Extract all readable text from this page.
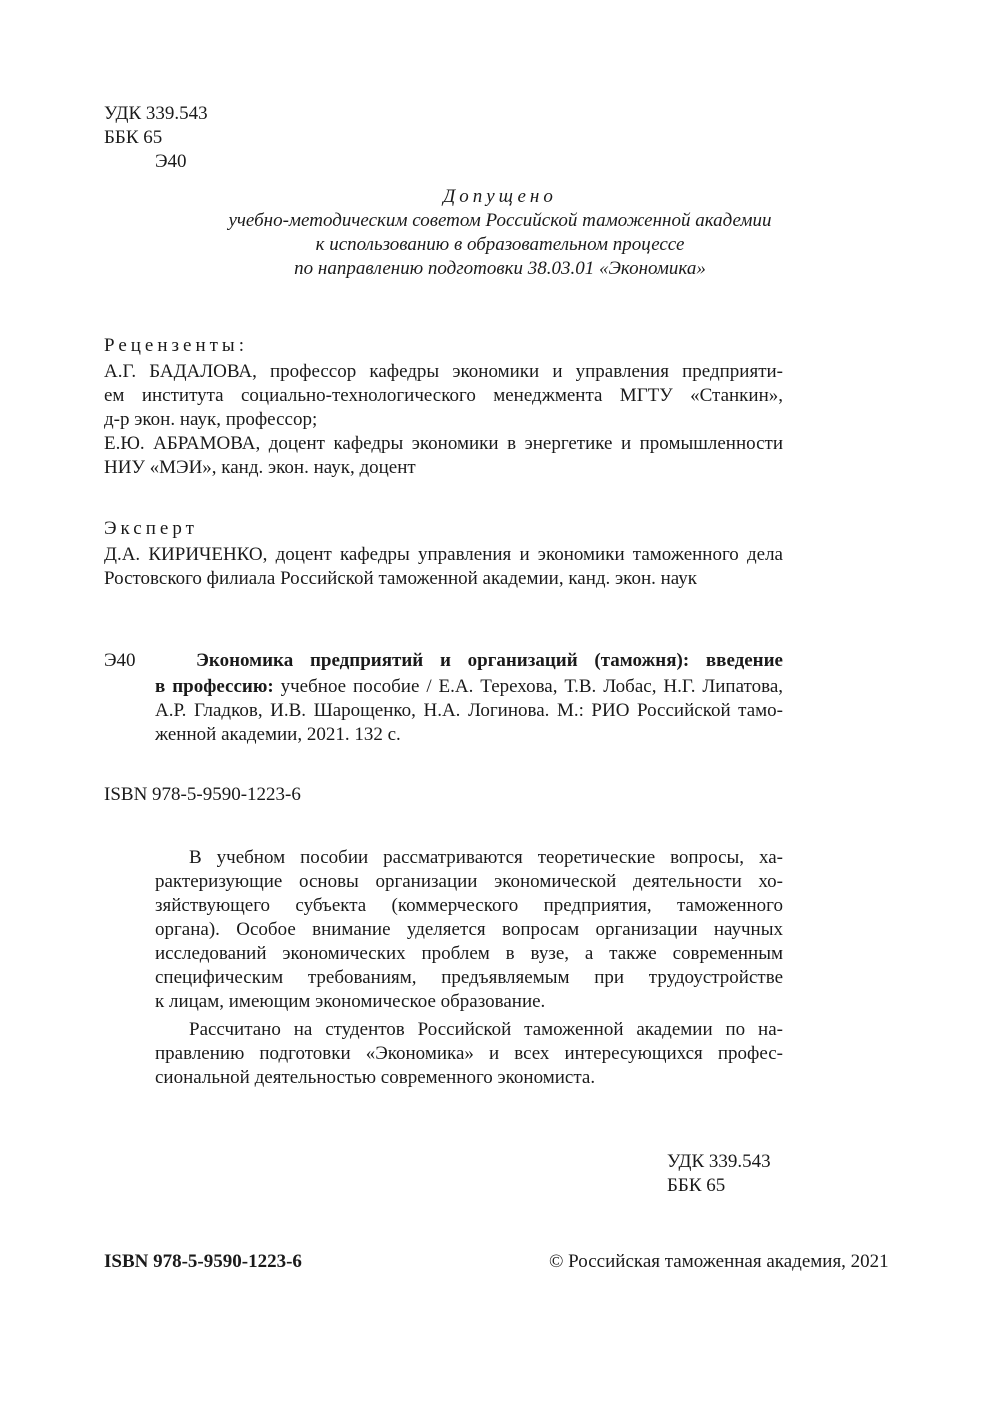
УДК 339.543
ББК 65
Э40
Допущено
учебно-методическим советом Российской таможенной академии
к использованию в образовательном процессе
по направлению подготовки 38.03.01 «Экономика»
Рецензенты:
А.Г. БАДАЛОВА, профессор кафедры экономики и управления предприяти-
ем института социально-технологического менеджмента МГТУ «Станкин»,
д-р экон. наук, профессор;
Е.Ю. АБРАМОВА, доцент кафедры экономики в энергетике и промышленности
НИУ «МЭИ», канд. экон. наук, доцент
Эксперт
Д.А. КИРИЧЕНКО, доцент кафедры управления и экономики таможенного дела
Ростовского филиала Российской таможенной академии, канд. экон. наук
Э40	Экономика предприятий и организаций (таможня): введение
в профессию: учебное пособие / Е.А. Терехова, Т.В. Лобас, Н.Г. Липатова,
А.Р. Гладков, И.В. Шарощенко, Н.А. Логинова. М.: РИО Российской тамо-
женной академии, 2021. 132 с.
ISBN 978-5-9590-1223-6
В учебном пособии рассматриваются теоретические вопросы, ха-
рактеризующие основы организации экономической деятельности хо-
зяйствующего субъекта (коммерческого предприятия, таможенного
органа). Особое внимание уделяется вопросам организации научных
исследований экономических проблем в вузе, а также современным
специфическим требованиям, предъявляемым при трудоустройстве
к лицам, имеющим экономическое образование.
Рассчитано на студентов Российской таможенной академии по на-
правлению подготовки «Экономика» и всех интересующихся профес-
сиональной деятельностью современного экономиста.
УДК 339.543
ББК 65
ISBN 978-5-9590-1223-6	© Российская таможенная академия, 2021
